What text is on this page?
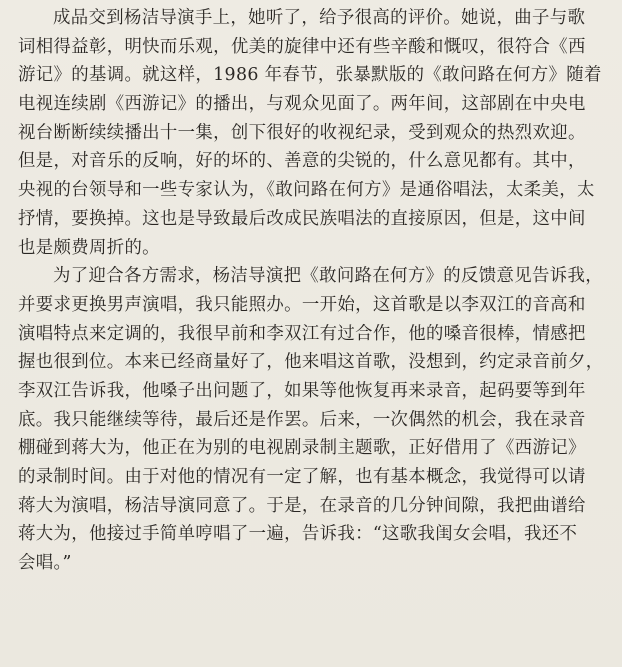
成品交到杨洁导演手上，她听了，给予很高的评价。她说，曲子与歌
词相得益彰，明快而乐观，优美的旋律中还有些辛酸和慨叹，很符合《西
游记》的基调。就这样，1986 年春节，张暴默版的《敢问路在何方》随着
电视连续剧《西游记》的播出，与观众见面了。两年间，这部剧在中央电
视台断断续续播出十一集，创下很好的收视纪录，受到观众的热烈欢迎。
但是，对音乐的反响，好的坏的、善意的尖锐的，什么意见都有。其中，
央视的台领导和一些专家认为，《敢问路在何方》是通俗唱法，太柔美，太
抒情，要换掉。这也是导致最后改成民族唱法的直接原因，但是，这中间
也是颇费周折的。
为了迎合各方需求，杨洁导演把《敢问路在何方》的反馈意见告诉我，
并要求更换男声演唱，我只能照办。一开始，这首歌是以李双江的音高和
演唱特点来定调的，我很早前和李双江有过合作，他的嗓音很棒，情感把
握也很到位。本来已经商量好了，他来唱这首歌，没想到，约定录音前夕，
李双江告诉我，他嗓子出问题了，如果等他恢复再来录音，起码要等到年
底。我只能继续等待，最后还是作罢。后来，一次偶然的机会，我在录音
棚碰到蒋大为，他正在为别的电视剧录制主题歌，正好借用了《西游记》
的录制时间。由于对他的情况有一定了解，也有基本概念，我觉得可以请
蒋大为演唱，杨洁导演同意了。于是，在录音的几分钟间隙，我把曲谱给
蒋大为，他接过手简单哼唱了一遍，告诉我：“这歌我闺女会唱，我还不
会唱。”
